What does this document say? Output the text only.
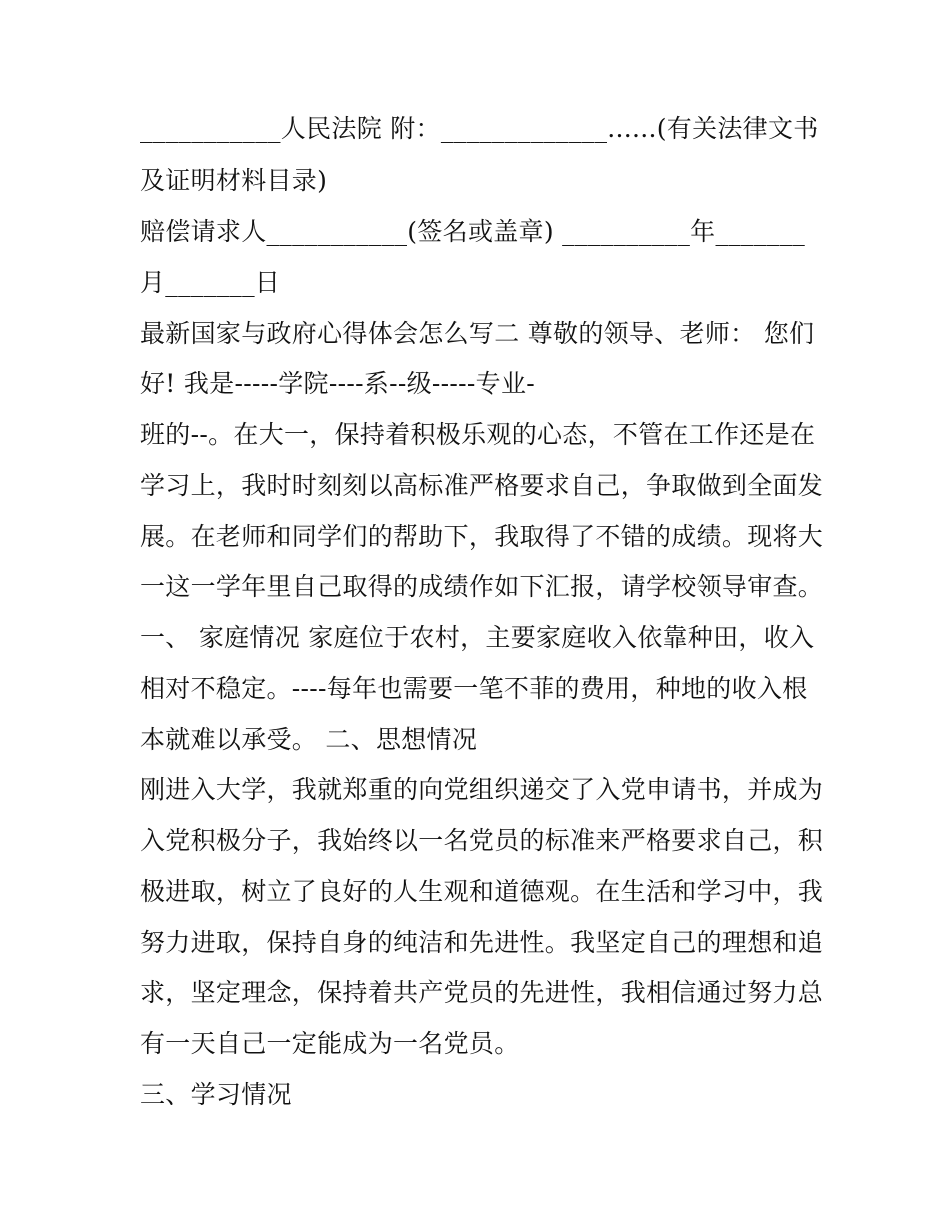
___________人民法院 附：_____________......(有关法律文书
及证明材料目录)
赔偿请求人___________(签名或盖章) __________年_______
月_______日
最新国家与政府心得体会怎么写二 尊敬的领导、老师： 您们
好! 我是-----学院----系--级-----专业-
班的--。在大一，保持着积极乐观的心态，不管在工作还是在
学习上，我时时刻刻以高标准严格要求自己，争取做到全面发
展。在老师和同学们的帮助下，我取得了不错的成绩。现将大
一这一学年里自己取得的成绩作如下汇报，请学校领导审查。
一、 家庭情况 家庭位于农村，主要家庭收入依靠种田，收入
相对不稳定。----每年也需要一笔不菲的费用，种地的收入根
本就难以承受。 二、思想情况
刚进入大学，我就郑重的向党组织递交了入党申请书，并成为
入党积极分子，我始终以一名党员的标准来严格要求自己，积
极进取，树立了良好的人生观和道德观。在生活和学习中，我
努力进取，保持自身的纯洁和先进性。我坚定自己的理想和追
求，坚定理念，保持着共产党员的先进性，我相信通过努力总
有一天自己一定能成为一名党员。
三、学习情况
